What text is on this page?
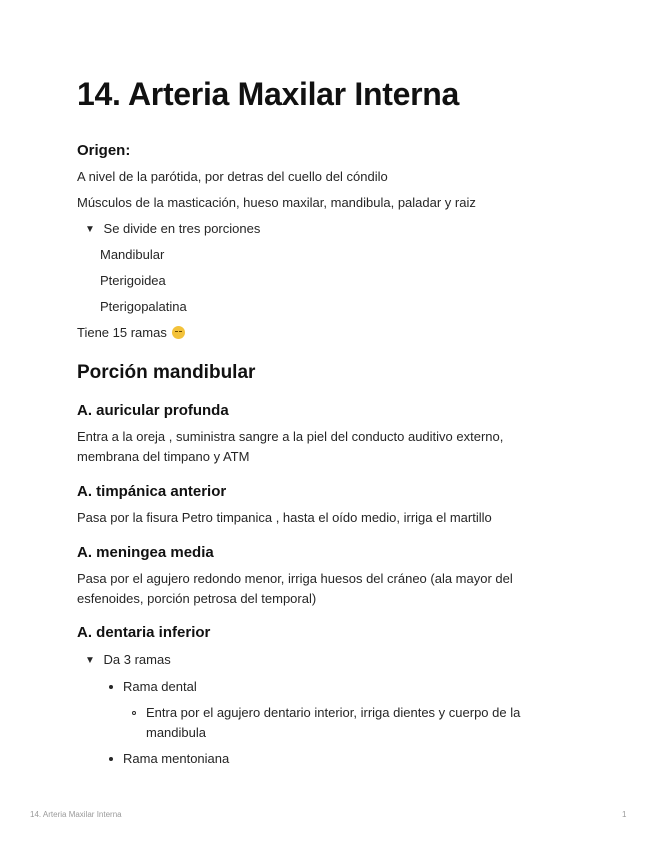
14. Arteria Maxilar Interna
Origen:
A nivel de la parótida, por detras del cuello del cóndilo
Músculos de la masticación, hueso maxilar, mandibula, paladar y raiz
▼ Se divide en tres porciones
Mandibular
Pterigoidea
Pterigopalatina
Tiene 15 ramas
Porción mandibular
A. auricular profunda
Entra a la oreja , suministra sangre a la piel del conducto auditivo externo, membrana del timpano y ATM
A. timpánica anterior
Pasa por la fisura Petro timpanica , hasta el oído medio, irriga el martillo
A. meningea media
Pasa por el agujero redondo menor, irriga huesos del cráneo (ala mayor del esfenoides, porción petrosa del temporal)
A. dentaria inferior
▼ Da 3 ramas
Rama dental
Entra por el agujero dentario interior, irriga dientes y cuerpo de la mandibula
Rama mentoniana
14. Arteria Maxilar Interna	1
